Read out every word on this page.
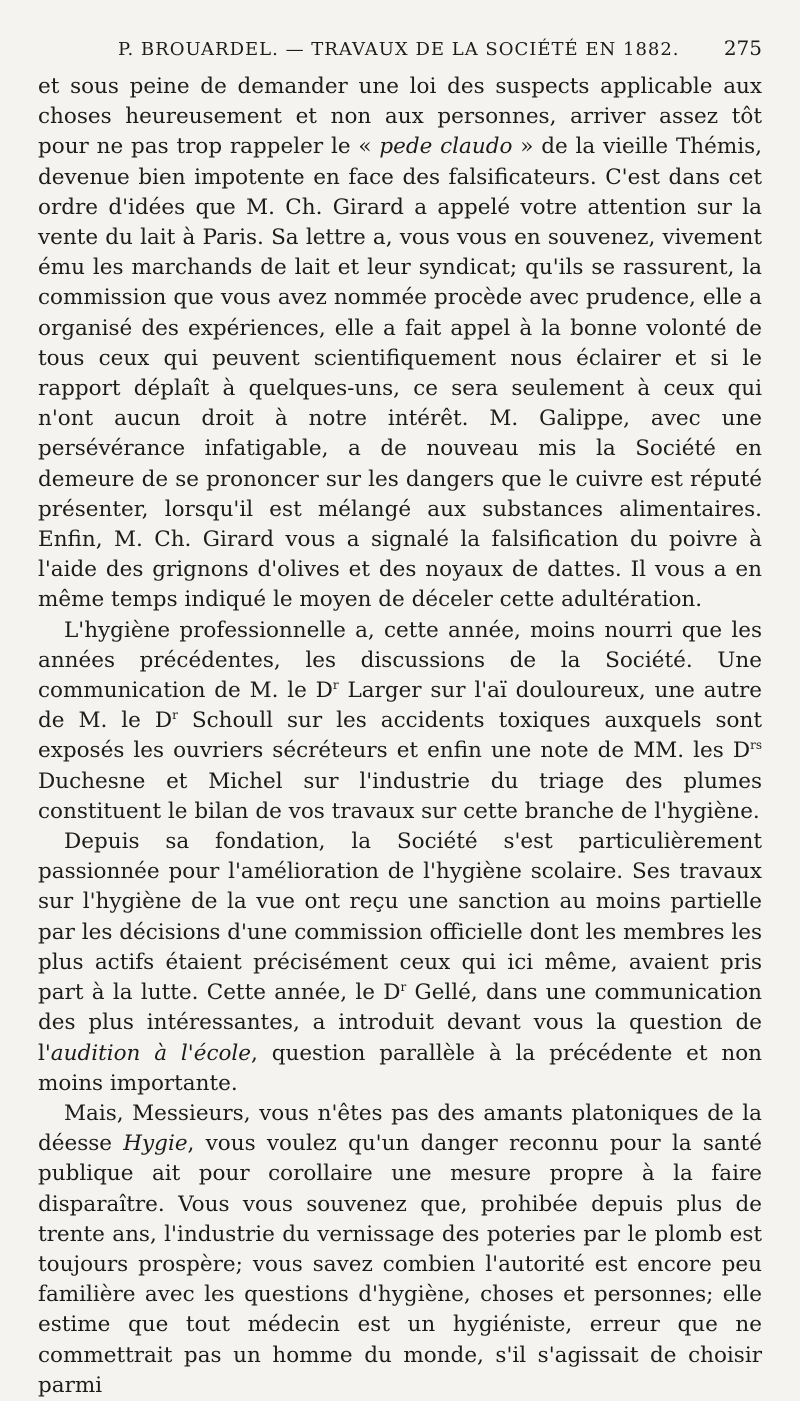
P. BROUARDEL. — TRAVAUX DE LA SOCIÉTÉ EN 1882. 275

et sous peine de demander une loi des suspects applicable aux choses heureusement et non aux personnes, arriver assez tôt pour ne pas trop rappeler le « pede claudo » de la vieille Thémis, devenue bien impotente en face des falsificateurs. C'est dans cet ordre d'idées que M. Ch. Girard a appelé votre attention sur la vente du lait à Paris. Sa lettre a, vous vous en souvenez, vivement ému les marchands de lait et leur syndicat; qu'ils se rassurent, la commission que vous avez nommée procède avec prudence, elle a organisé des expériences, elle a fait appel à la bonne volonté de tous ceux qui peuvent scientifiquement nous éclairer et si le rapport déplaît à quelques-uns, ce sera seulement à ceux qui n'ont aucun droit à notre intérêt. M. Galippe, avec une persévérance infatigable, a de nouveau mis la Société en demeure de se prononcer sur les dangers que le cuivre est réputé présenter, lorsqu'il est mélangé aux substances alimentaires. Enfin, M. Ch. Girard vous a signalé la falsification du poivre à l'aide des grignons d'olives et des noyaux de dattes. Il vous a en même temps indiqué le moyen de déceler cette adultération.

L'hygiène professionnelle a, cette année, moins nourri que les années précédentes, les discussions de la Société. Une communication de M. le $D^r$ Larger sur l'aï douloureux, une autre de M. le $D^r$ Schoull sur les accidents toxiques auxquels sont exposés les ouvriers sécréteurs et enfin une note de MM. les $D^{rs}$ Duchesne et Michel sur l'industrie du triage des plumes constituent le bilan de vos travaux sur cette branche de l'hygiène.

Depuis sa fondation, la Société s'est particulièrement passionnée pour l'amélioration de l'hygiène scolaire. Ses travaux sur l'hygiène de la vue ont reçu une sanction au moins partielle par les décisions d'une commission officielle dont les membres les plus actifs étaient précisément ceux qui ici même, avaient pris part à la lutte. Cette année, le $D^r$ Gellé, dans une communication des plus intéressantes, a introduit devant vous la question de l'audition à l'école, question parallèle à la précédente et non moins importante.

Mais, Messieurs, vous n'êtes pas des amants platoniques de la déesse Hygie, vous voulez qu'un danger reconnu pour la santé publique ait pour corollaire une mesure propre à la faire disparaître. Vous vous souvenez que, prohibée depuis plus de trente ans, l'industrie du vernissage des poteries par le plomb est toujours prospère; vous savez combien l'autorité est encore peu familière avec les questions d'hygiène, choses et personnes; elle estime que tout médecin est un hygiéniste, erreur que ne commettrait pas un homme du monde, s'il s'agissait de choisir parmi
